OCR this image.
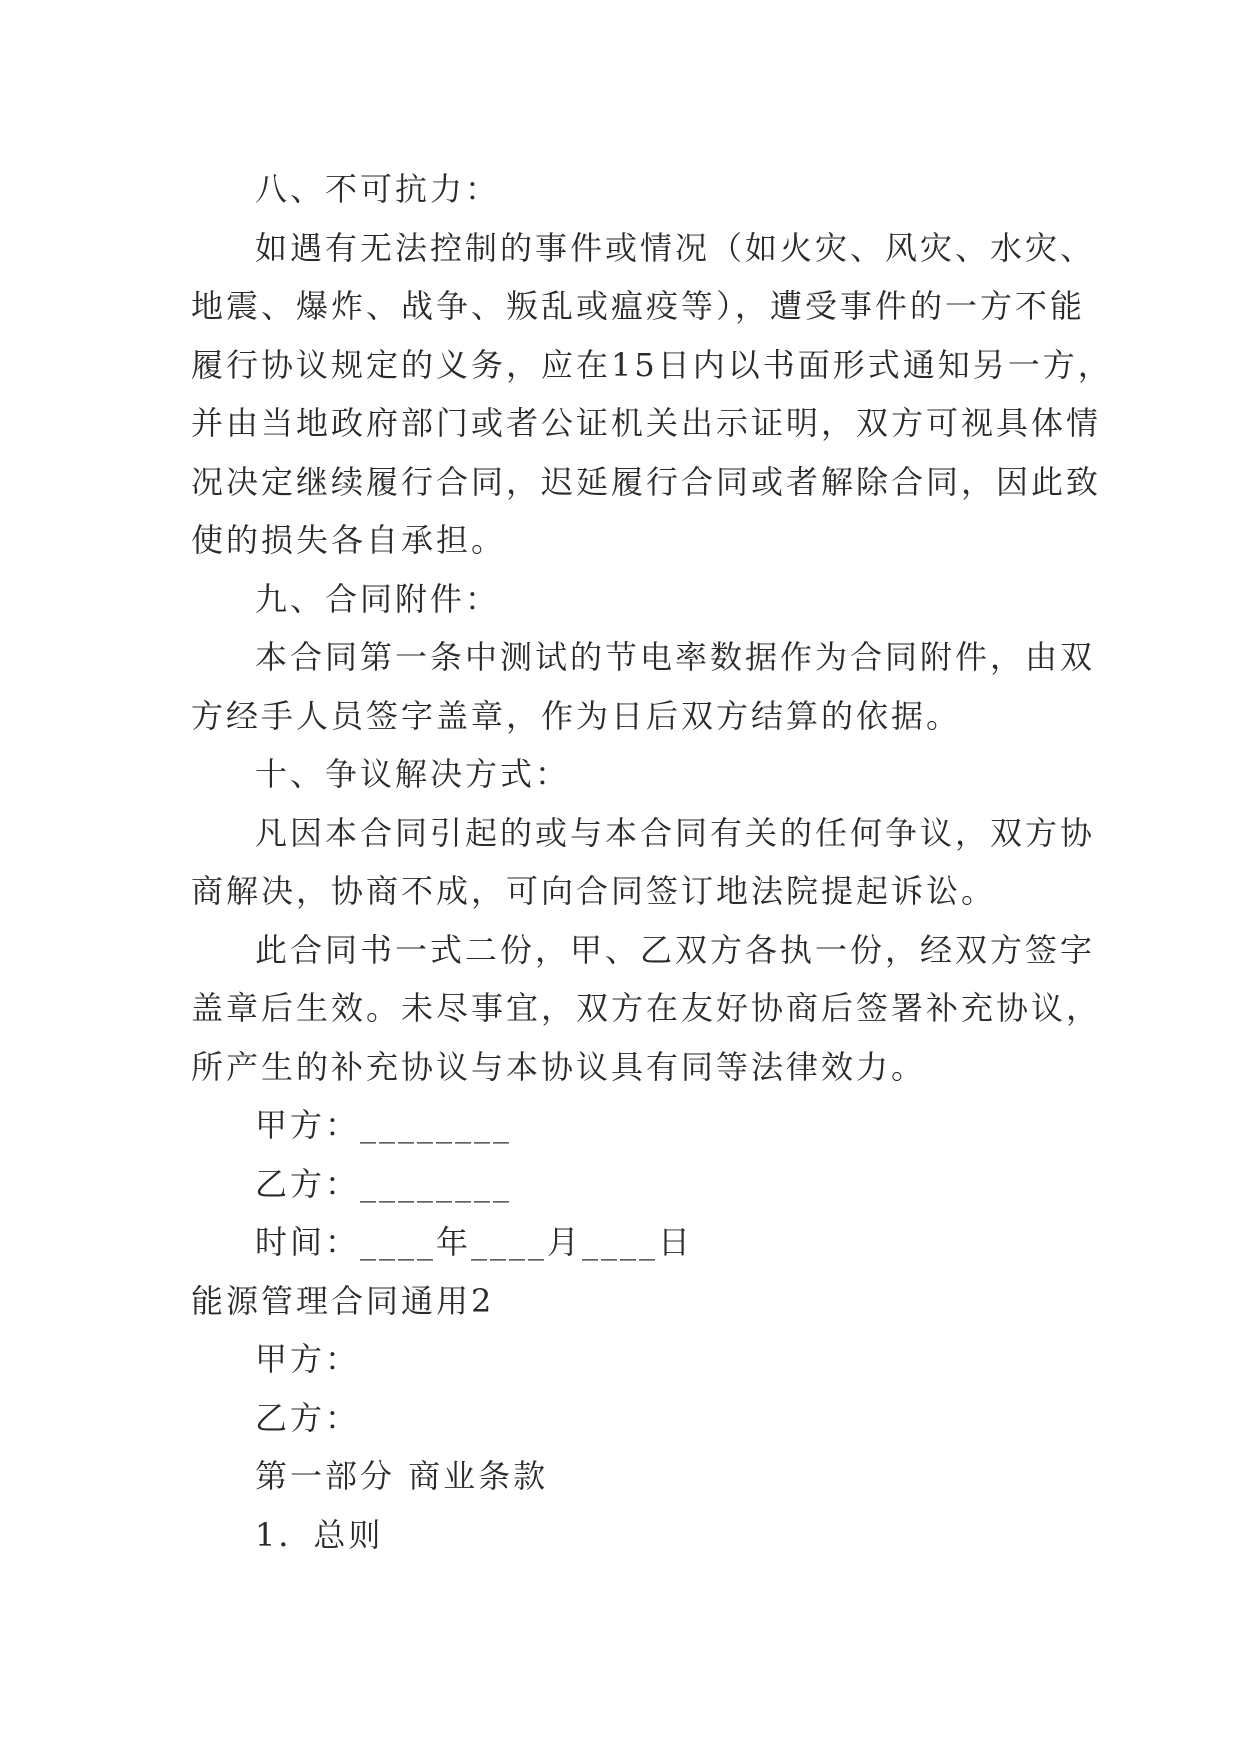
八、不可抗力：
如遇有无法控制的事件或情况（如火灾、风灾、水灾、
地震、爆炸、战争、叛乱或瘟疫等），遭受事件的一方不能
履行协议规定的义务，应在15日内以书面形式通知另一方，
并由当地政府部门或者公证机关出示证明，双方可视具体情
况决定继续履行合同，迟延履行合同或者解除合同，因此致
使的损失各自承担。
九、合同附件：
本合同第一条中测试的节电率数据作为合同附件，由双
方经手人员签字盖章，作为日后双方结算的依据。
十、争议解决方式：
凡因本合同引起的或与本合同有关的任何争议，双方协
商解决，协商不成，可向合同签订地法院提起诉讼。
此合同书一式二份，甲、乙双方各执一份，经双方签字
盖章后生效。未尽事宜，双方在友好协商后签署补充协议，
所产生的补充协议与本协议具有同等法律效力。
甲方：________
乙方：________
时间：____年____月____日
能源管理合同通用2
甲方：
乙方：
第一部分 商业条款
1．总则
